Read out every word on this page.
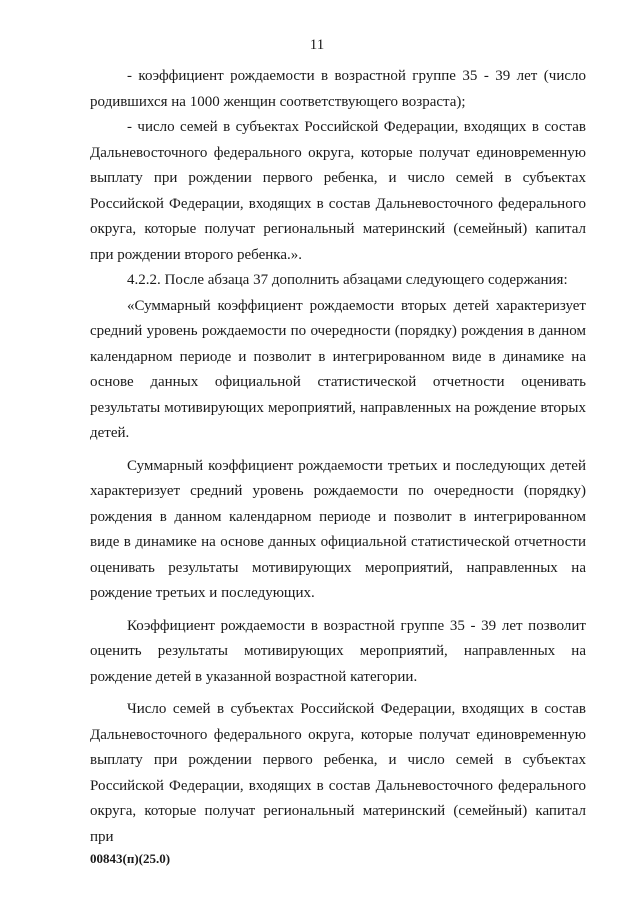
11

- коэффициент рождаемости в возрастной группе 35 - 39 лет (число родившихся на 1000 женщин соответствующего возраста);

- число семей в субъектах Российской Федерации, входящих в состав Дальневосточного федерального округа, которые получат единовременную выплату при рождении первого ребенка, и число семей в субъектах Российской Федерации, входящих в состав Дальневосточного федерального округа, которые получат региональный материнский (семейный) капитал при рождении второго ребенка.».

4.2.2. После абзаца 37 дополнить абзацами следующего содержания:

«Суммарный коэффициент рождаемости вторых детей характеризует средний уровень рождаемости по очередности (порядку) рождения в данном календарном периоде и позволит в интегрированном виде в динамике на основе данных официальной статистической отчетности оценивать результаты мотивирующих мероприятий, направленных на рождение вторых детей.

Суммарный коэффициент рождаемости третьих и последующих детей характеризует средний уровень рождаемости по очередности (порядку) рождения в данном календарном периоде и позволит в интегрированном виде в динамике на основе данных официальной статистической отчетности оценивать результаты мотивирующих мероприятий, направленных на рождение третьих и последующих.

Коэффициент рождаемости в возрастной группе 35 - 39 лет позволит оценить результаты мотивирующих мероприятий, направленных на рождение детей в указанной возрастной категории.

Число семей в субъектах Российской Федерации, входящих в состав Дальневосточного федерального округа, которые получат единовременную выплату при рождении первого ребенка, и число семей в субъектах Российской Федерации, входящих в состав Дальневосточного федерального округа, которые получат региональный материнский (семейный) капитал при

00843(п)(25.0)
